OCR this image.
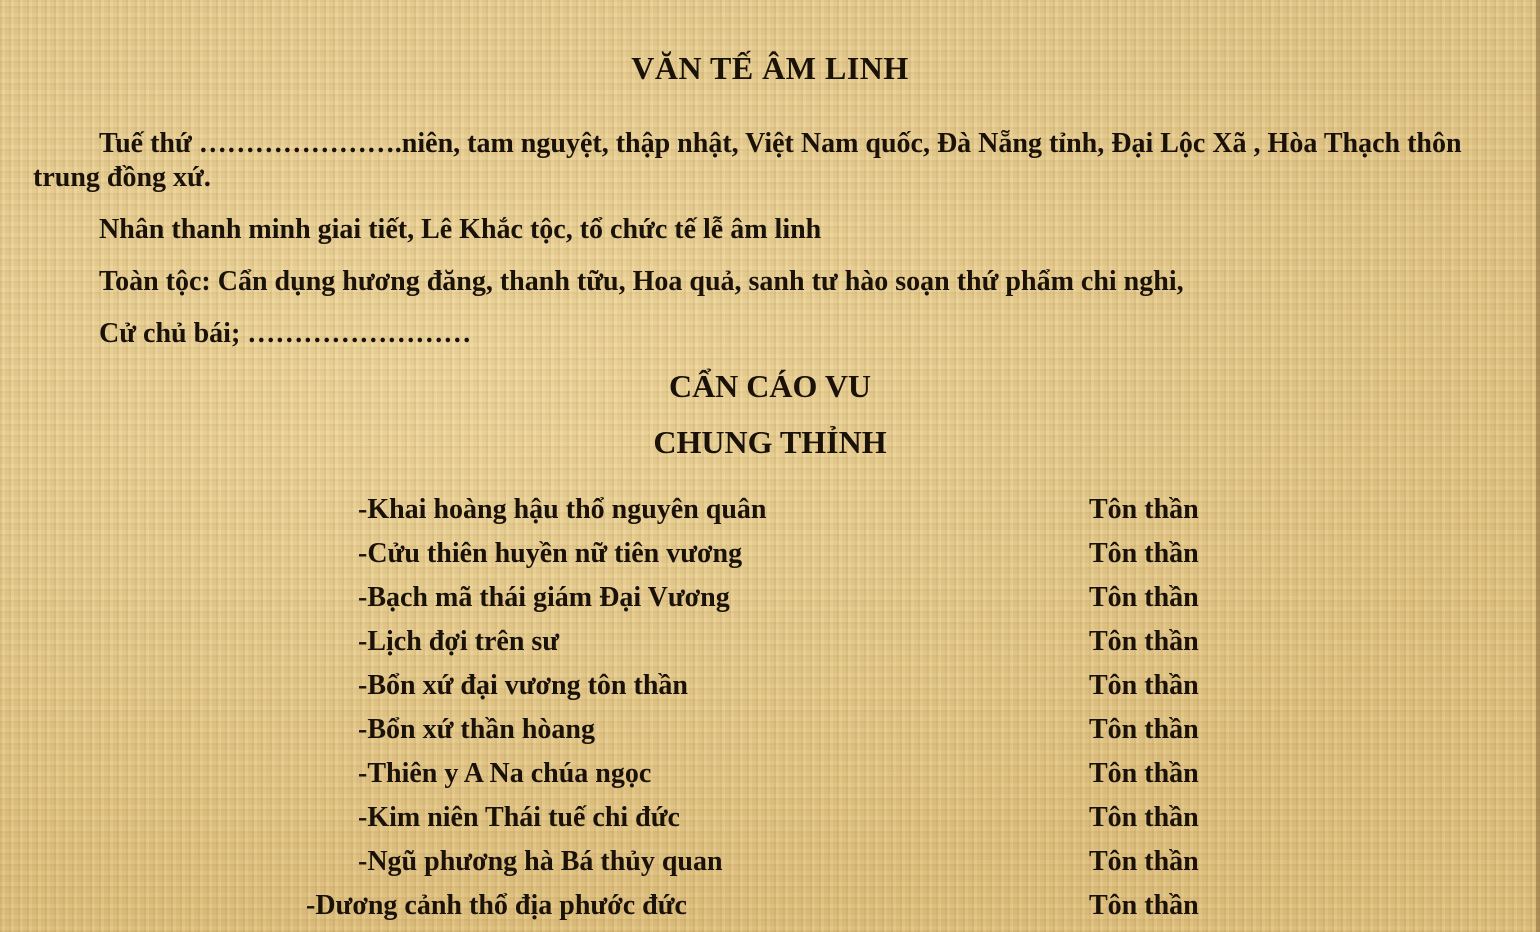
VĂN TẾ ÂM LINH

Tuế thứ ………………….niên, tam nguyệt, thập nhật, Việt Nam quốc, Đà Nẵng tỉnh, Đại Lộc Xã , Hòa Thạch thôn trung đồng xứ.

Nhân thanh minh giai tiết, Lê Khắc tộc, tổ chức tế lễ âm linh

Toàn tộc: Cẩn dụng hương đăng, thanh tữu, Hoa quả, sanh tư hào soạn thứ phẩm chi nghi,

Cử chủ bái; ……………………

CẨN CÁO VU
CHUNG THỈNH
-Khai hoàng hậu thổ nguyên quân	Tôn thần
-Cửu thiên huyền nữ tiên vương	Tôn thần
-Bạch mã thái giám Đại Vương	Tôn thần
-Lịch đợi trên sư	Tôn thần
-Bổn xứ đại vương tôn thần	Tôn thần
-Bổn xứ thần hòang	Tôn thần
-Thiên y A Na chúa ngọc	Tôn thần
-Kim niên Thái tuế chi đức	Tôn thần
-Ngũ phương hà Bá thủy quan	Tôn thần
-Dương cảnh thổ địa phước đức	Tôn thần
